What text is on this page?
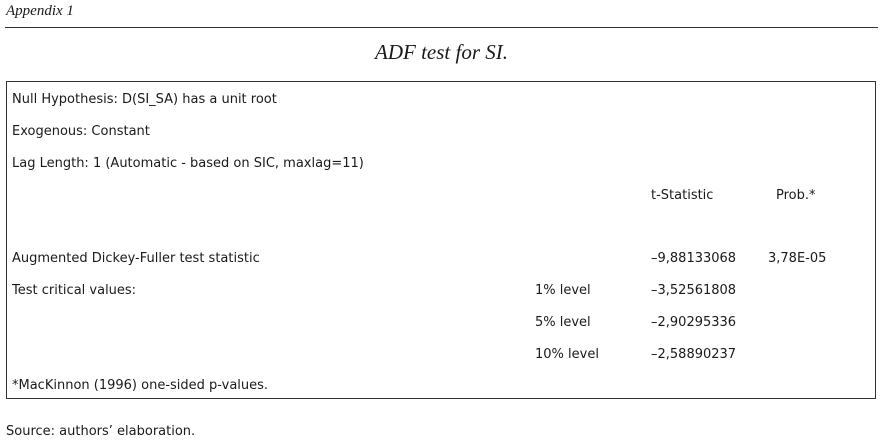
Appendix 1
ADF test for SI.
Null Hypothesis: D(SI_SA) has a unit root
Exogenous: Constant
Lag Length: 1 (Automatic - based on SIC, maxlag=11)
t-Statistic	Prob.*
Augmented Dickey-Fuller test statistic	–9,88133068 3,78E-05
Test critical values:	1% level	–3,52561808
5% level	–2,90295336
10% level	–2,58890237
*MacKinnon (1996) one-sided p-values.
Source: authors’ elaboration.
